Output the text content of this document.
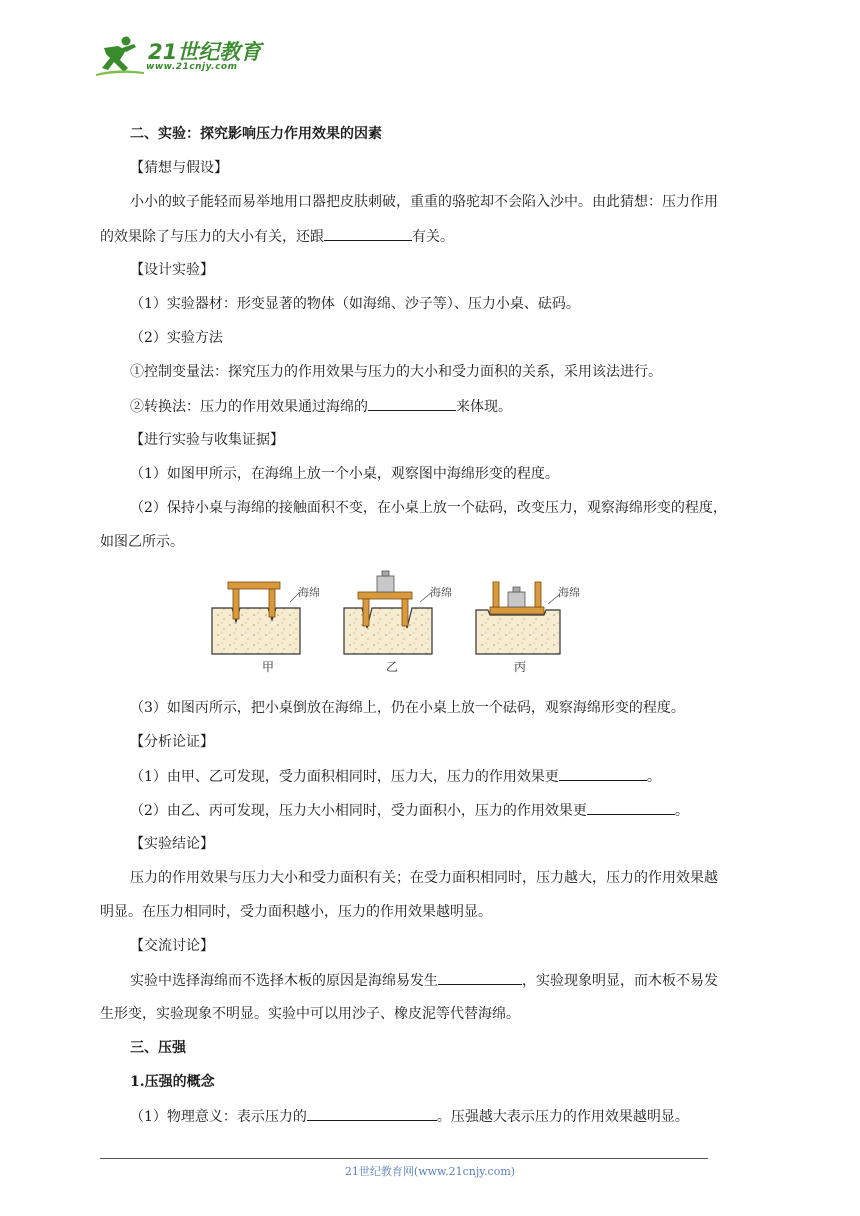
21世纪教育
www.21cnjy.com
二、实验：探究影响压力作用效果的因素
【猜想与假设】
小小的蚊子能轻而易举地用口器把皮肤刺破，重重的骆驼却不会陷入沙中。由此猜想：压力作用
的效果除了与压力的大小有关，还跟	有关。
【设计实验】
（1）实验器材：形变显著的物体（如海绵、沙子等）、压力小桌、砝码。
（2）实验方法
①控制变量法：探究压力的作用效果与压力的大小和受力面积的关系，采用该法进行。
②转换法：压力的作用效果通过海绵的	来体现。
【进行实验与收集证据】
（1）如图甲所示，在海绵上放一个小桌，观察图中海绵形变的程度。
（2）保持小桌与海绵的接触面积不变，在小桌上放一个砝码，改变压力，观察海绵形变的程度，
如图乙所示。
海绵
甲
海绵
乙
海绵
丙
（3）如图丙所示，把小桌倒放在海绵上，仍在小桌上放一个砝码，观察海绵形变的程度。
【分析论证】
（1）由甲、乙可发现，受力面积相同时，压力大，压力的作用效果更	。
（2）由乙、丙可发现，压力大小相同时，受力面积小，压力的作用效果更	。
【实验结论】
压力的作用效果与压力大小和受力面积有关；在受力面积相同时，压力越大，压力的作用效果越
明显。在压力相同时，受力面积越小，压力的作用效果越明显。
【交流讨论】
实验中选择海绵而不选择木板的原因是海绵易发生	，实验现象明显，而木板不易发
生形变，实验现象不明显。实验中可以用沙子、橡皮泥等代替海绵。
三、压强
1.压强的概念
（1）物理意义：表示压力的	。压强越大表示压力的作用效果越明显。
21世纪教育网(www.21cnjy.com)
